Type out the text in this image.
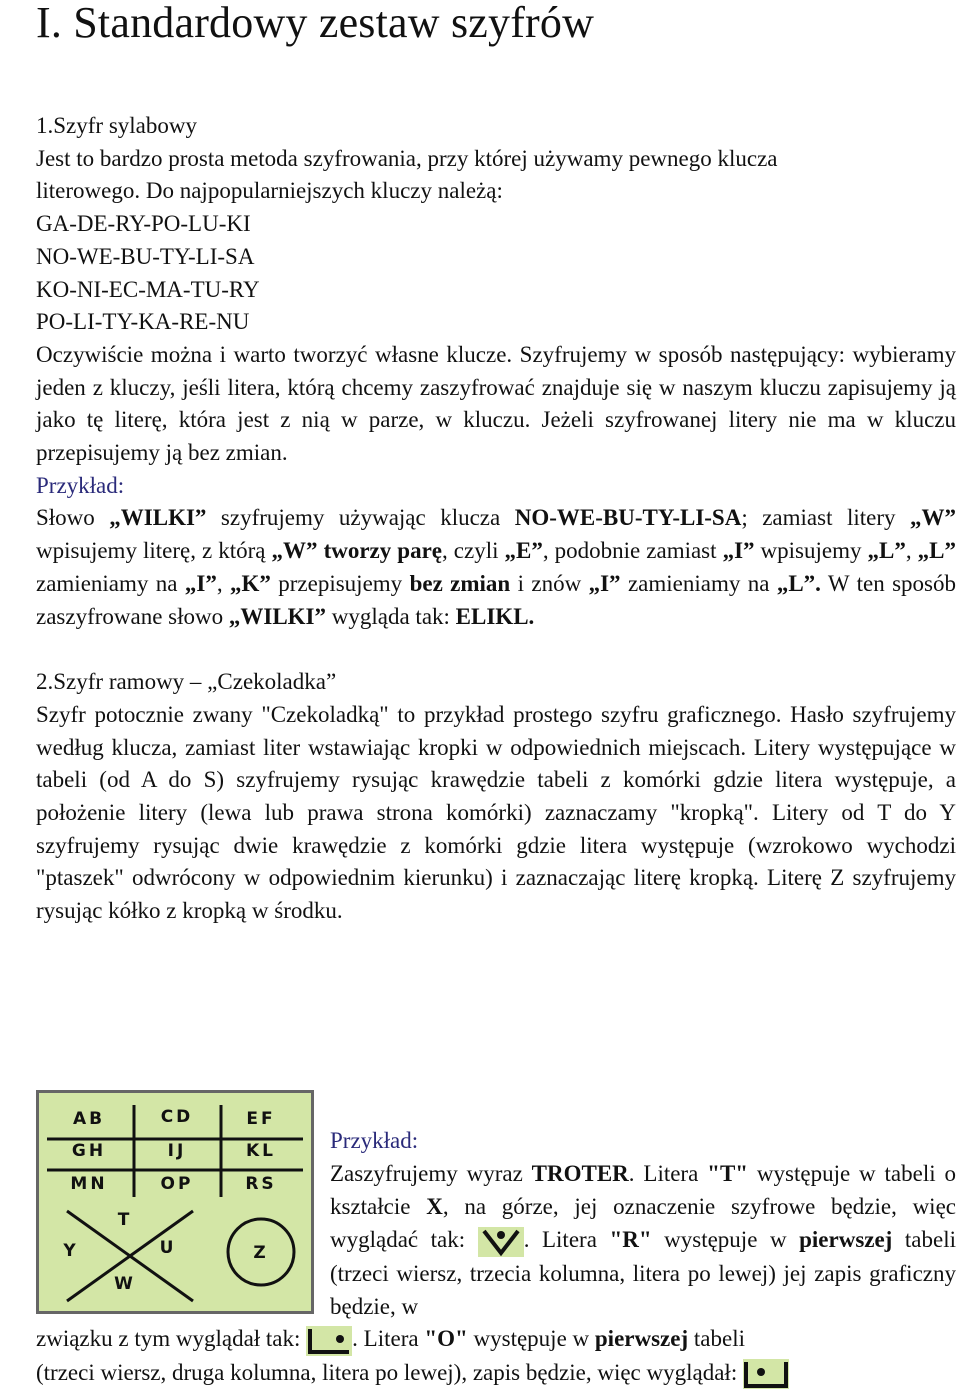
I. Standardowy zestaw szyfrów
1.Szyfr sylabowy
Jest to bardzo prosta metoda szyfrowania, przy której używamy pewnego klucza
literowego. Do najpopularniejszych kluczy należą:
GA-DE-RY-PO-LU-KI
NO-WE-BU-TY-LI-SA
KO-NI-EC-MA-TU-RY
PO-LI-TY-KA-RE-NU

Oczywiście można i warto tworzyć własne klucze. Szyfrujemy w sposób następujący: wybieramy jeden z kluczy, jeśli litera, którą chcemy zaszyfrować znajduje się w naszym kluczu zapisujemy ją jako tę literę, która jest z nią w parze, w kluczu. Jeżeli szyfrowanej litery nie ma w kluczu przepisujemy ją bez zmian.

Przykład:

Słowo „WILKI” szyfrujemy używając klucza NO-WE-BU-TY-LI-SA; zamiast litery „W” wpisujemy literę, z którą „W” tworzy parę, czyli „E”, podobnie zamiast „I” wpisujemy „L”, „L” zamieniamy na „I”, „K” przepisujemy bez zmian i znów „I” zamieniamy na „L”. W ten sposób zaszyfrowane słowo „WILKI” wygląda tak: ELIKL.

2.Szyfr ramowy – „Czekoladka”

Szyfr potocznie zwany "Czekoladką" to przykład prostego szyfru graficznego. Hasło szyfrujemy według klucza, zamiast liter wstawiając kropki w odpowiednich miejscach. Litery występujące w tabeli (od A do S) szyfrujemy rysując krawędzie tabeli z komórki gdzie litera występuje, a położenie litery (lewa lub prawa strona komórki) zaznaczamy "kropką". Litery od T do Y szyfrujemy rysując dwie krawędzie z komórki gdzie litera występuje (wzrokowo wychodzi "ptaszek" odwrócony w odpowiednim kierunku) i zaznaczając literę kropką. Literę Z szyfrujemy rysując kółko z kropką w środku.

AB	CD	EF
GH	IJ	KL
MN	OP	RS
T
Y	U
W
Z
Przykład:
Zaszyfrujemy wyraz TROTER. Litera "T" występuje w tabeli o kształcie X, na górze, jej oznaczenie szyfrowe będzie, więc wyglądać tak:
. Litera "R" występuje w pierwszej tabeli (trzeci wiersz, trzecia kolumna, litera po lewej) jej zapis graficzny będzie, w
związku z tym wyglądał tak:
. Litera "O" występuje w pierwszej tabeli
(trzeci wiersz, druga kolumna, litera po lewej), zapis będzie, więc wyglądał:
